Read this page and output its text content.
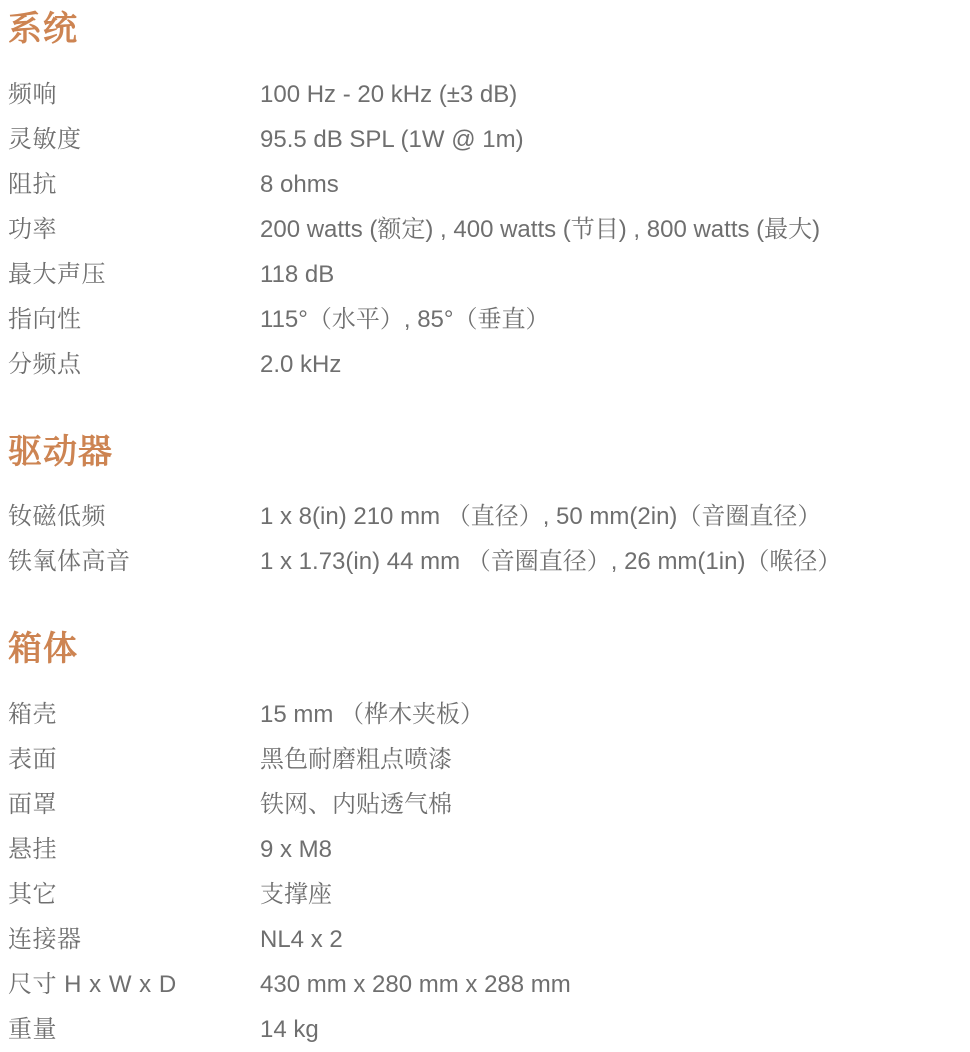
系统
频响	100 Hz - 20 kHz (±3 dB)
灵敏度	95.5 dB SPL (1W @ 1m)
阻抗	8 ohms
功率	200 watts (额定) , 400 watts (节目) , 800 watts (最大)
最大声压	118 dB
指向性	115°（水平）, 85°（垂直）
分频点	2.0 kHz
驱动器
钕磁低频	1 x 8(in) 210 mm （直径）, 50 mm(2in)（音圈直径）
铁氧体高音	1 x 1.73(in) 44 mm （音圈直径）, 26 mm(1in)（喉径）
箱体
箱壳	15 mm （桦木夹板）
表面	黑色耐磨粗点喷漆
面罩	铁网、内贴透气棉
悬挂	9 x M8
其它	支撑座
连接器	NL4 x 2
尺寸 H x W x D	430 mm x 280 mm x 288 mm
重量	14 kg
